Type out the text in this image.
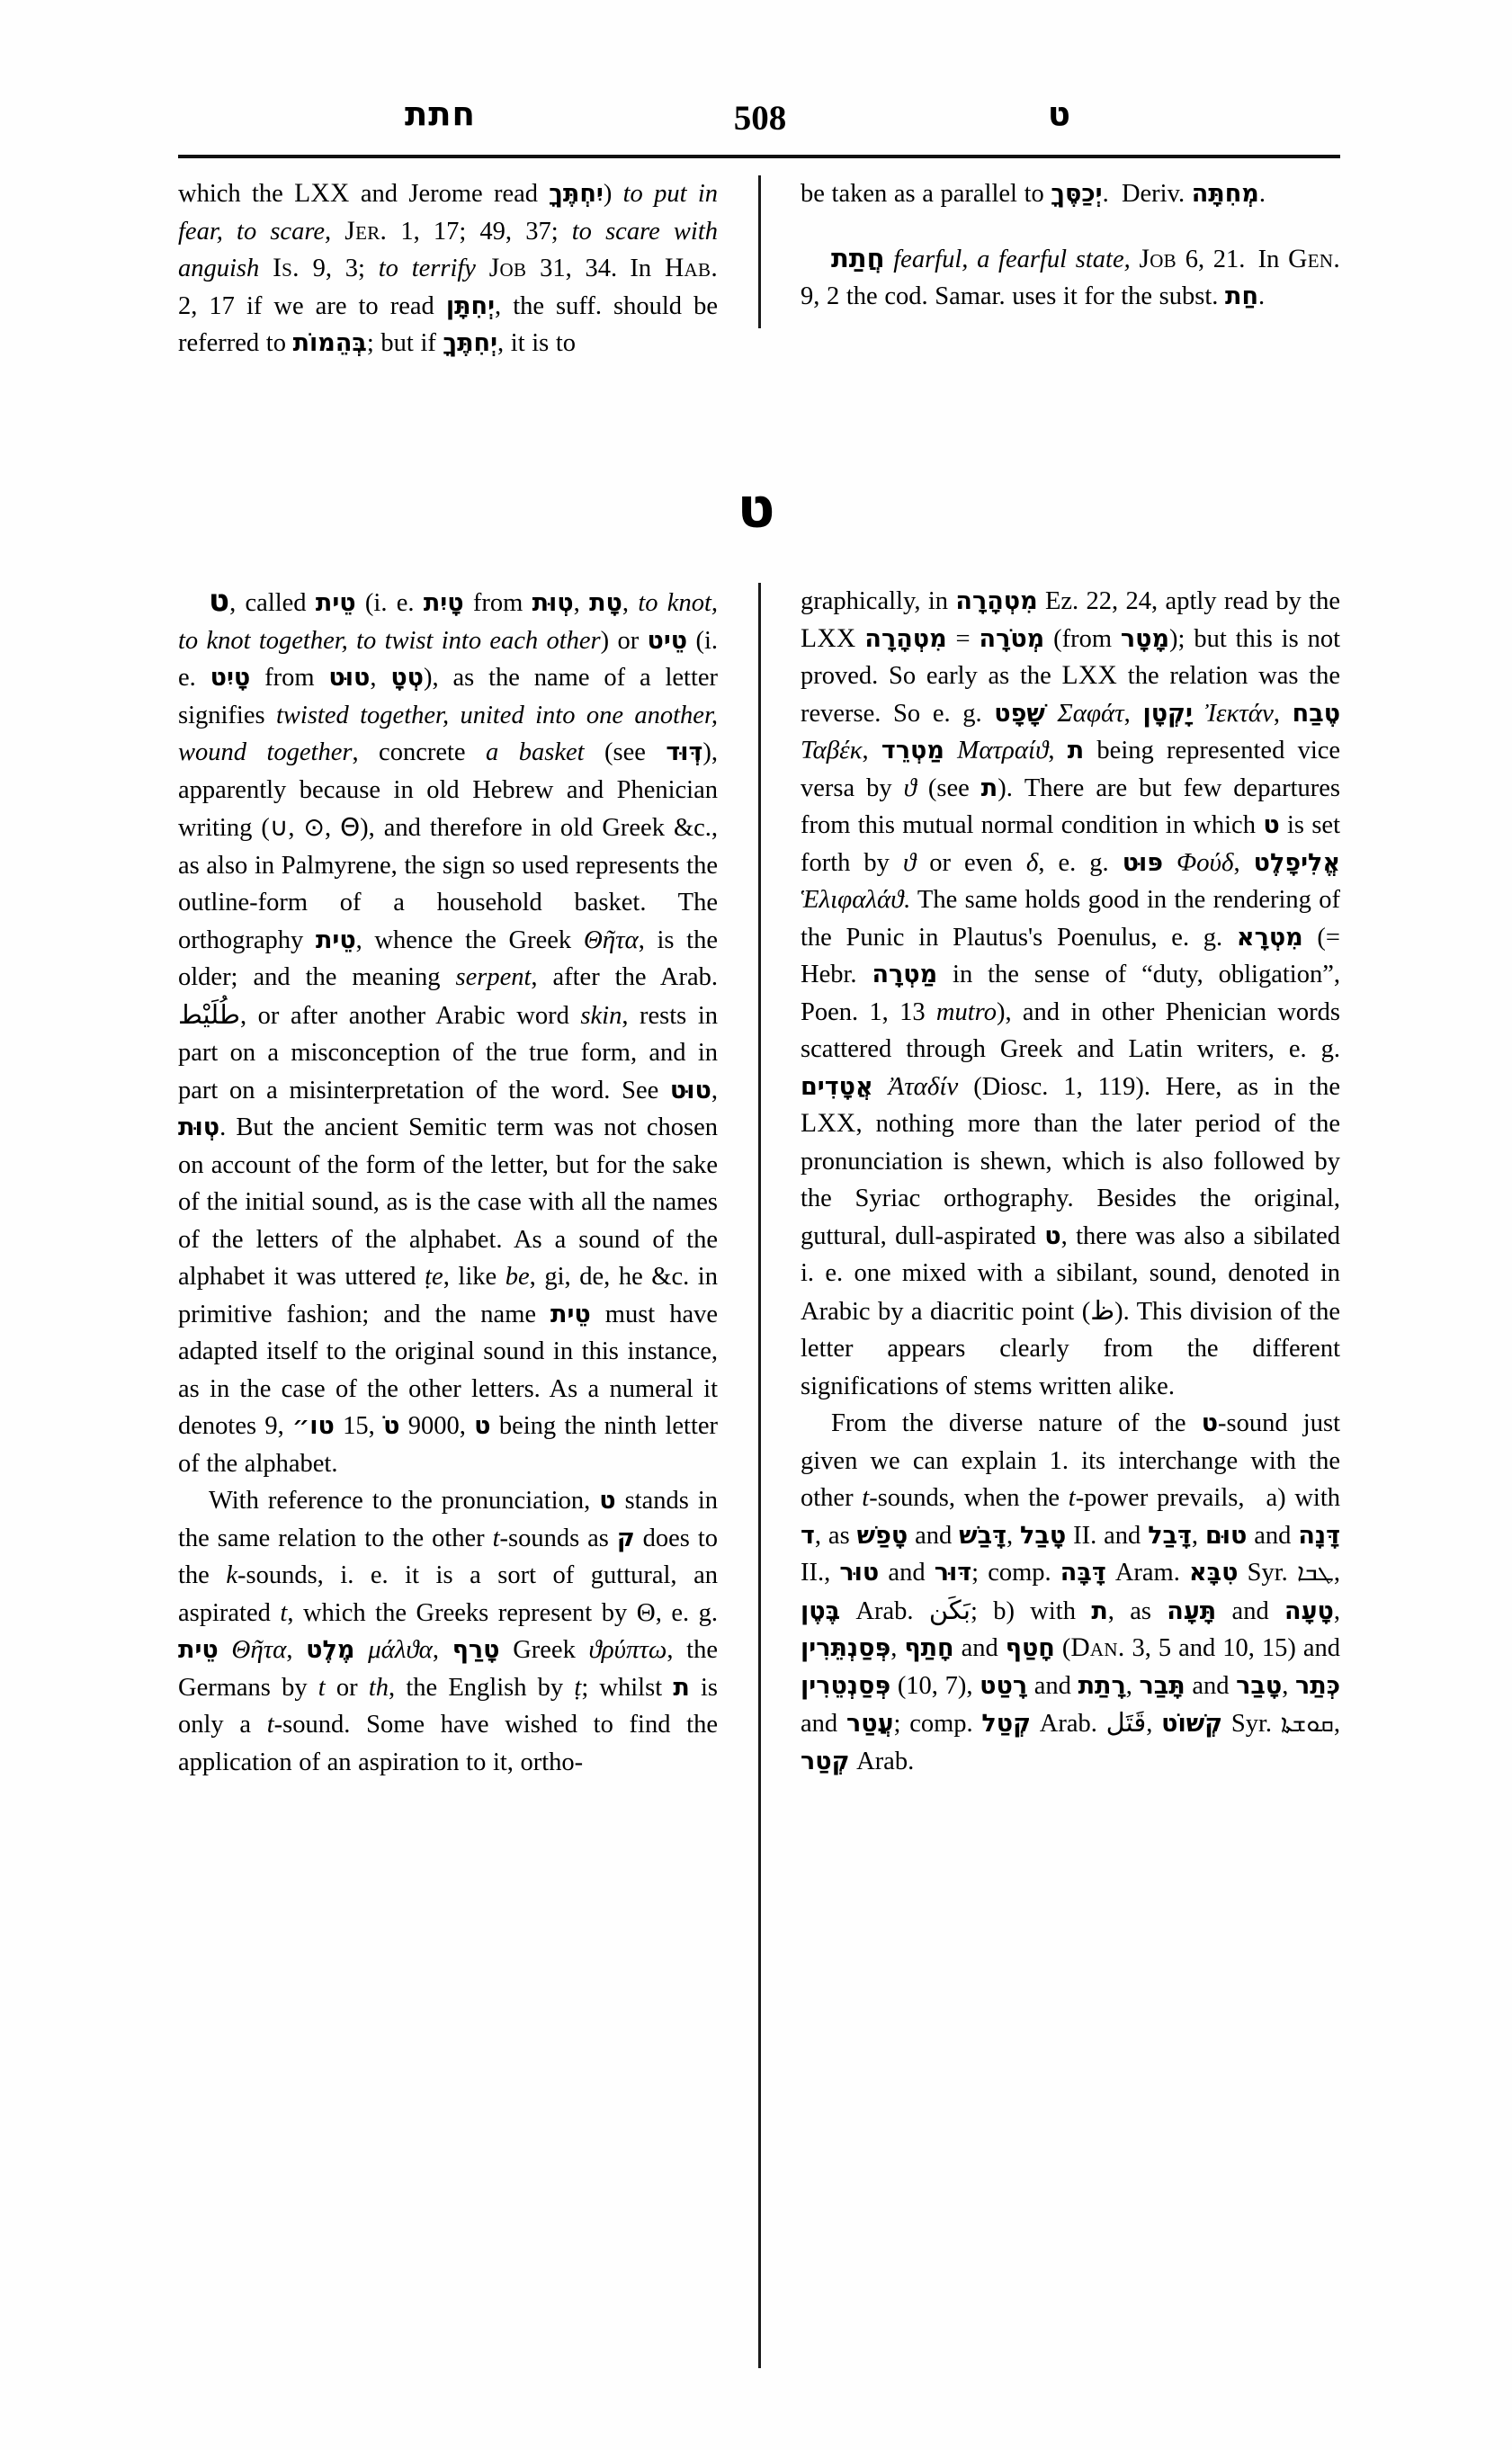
חתת	508	ט

which the LXX and Jerome read יִחְתֶּךָ) to put in fear, to scare, Jer. 1, 17; 49, 37; to scare with anguish Is. 9, 3; to terrify Job 31, 34. In Hab. 2, 17 if we are to read יְחִתָּן, the suff. should be referred to בְּהֵמוֹת; but if יְחִתֶּךָ, it is to

be taken as a parallel to יְכַסֶּךָ. Deriv. מְחִתָּה.

חֲתַת fearful, a fearful state, Job 6, 21. In Gen. 9, 2 the cod. Samar. uses it for the subst. חַת.

ט

ט, called טֵית (i. e. טָיִת from טְוּת, טָת, to knot, to knot together, to twist into each other) or טֵיט (i. e. טָיִט from טוּט, טְטָ), as the name of a letter signifies twisted together, united into one another, wound together, concrete a basket (see דְּוּד), apparently because in old Hebrew and Phenician writing (∪, ⊙, Θ), and therefore in old Greek &c., as also in Palmyrene, the sign so used represents the outline-form of a household basket. The orthography טֵית, whence the Greek Θῆτα, is the older; and the meaning serpent, after the Arab. طُلَيْط, or after another Arabic word skin, rests in part on a misconception of the true form, and in part on a misinterpretation of the word. See טוּט, טְוּת. But the ancient Semitic term was not chosen on account of the form of the letter, but for the sake of the initial sound, as is the case with all the names of the letters of the alphabet. As a sound of the alphabet it was uttered ṭe, like be, gi, de, he &c. in primitive fashion; and the name טֵית must have adapted itself to the original sound in this instance, as in the case of the other letters. As a numeral it denotes 9, טו״ 15, טֺ 9000, ט being the ninth letter of the alphabet.

With reference to the pronunciation, ט stands in the same relation to the other t-sounds as ק does to the k-sounds, i. e. it is a sort of guttural, an aspirated t, which the Greeks represent by Θ, e. g. טֵית Θῆτα, מֶלֶט μάλϑα, טָרַף Greek ϑρύπτω, the Germans by t or th, the English by ṭ; whilst ת is only a t-sound. Some have wished to find the application of an aspiration to it, ortho-

graphically, in מִטְהָרָה Ez. 22, 24, aptly read by the LXX מִטְהָרָה = מְטֹרָה (from מָטָר); but this is not proved. So early as the LXX the relation was the reverse. So e. g. שָׁפָט Σαφάτ, יָקְטָן Ἰεκτάν, טֶבַח Ταβέκ, מַטְרֵד Ματραίϑ, ת being represented vice versa by ϑ (see ת). There are but few departures from this mutual normal condition in which ט is set forth by ϑ or even δ, e. g. פּוּט Φούδ, אֱלִיפָלֶט Ἑλιφαλάϑ. The same holds good in the rendering of the Punic in Plautus's Poenulus, e. g. מִטְרָא (= Hebr. מַטְרָה in the sense of “duty, obligation”, Poen. 1, 13 mutro), and in other Phenician words scattered through Greek and Latin writers, e. g. אֲטָדִים Ἀταδίν (Diosc. 1, 119). Here, as in the LXX, nothing more than the later period of the pronunciation is shewn, which is also followed by the Syriac orthography. Besides the original, guttural, dull-aspirated ט, there was also a sibilated i. e. one mixed with a sibilant, sound, denoted in Arabic by a diacritic point (ظ). This division of the letter appears clearly from the different significations of stems written alike.

From the diverse nature of the ט-sound just given we can explain 1. its interchange with the other t-sounds, when the t-power prevails,  a) with ד, as טָפַשׁ and דָּבַשׁ, טָבַל II. and דָּבַל, טוּם and דָּנָה II., טוּר and דּוּר; comp. דָּבָּה Aram. טִבָּא Syr. ܛܒܐ, בֶּטֶן Arab. بَكَن; b) with ת, as תָּעָה and טָעָה, פְּסַנְתֵּרִין, חָתַף and חָטַף (Dan. 3, 5 and 10, 15) and פְּסַנְטֵרִין (10, 7), רָטַט and רָתַת, תָּבַר and טָבַר, כְּתַר and עֲטַר; comp. קְטַל Arab. قَتَل, קְשׁוֹט Syr. ܩܘܫܬܐ, קְטַר Arab.
